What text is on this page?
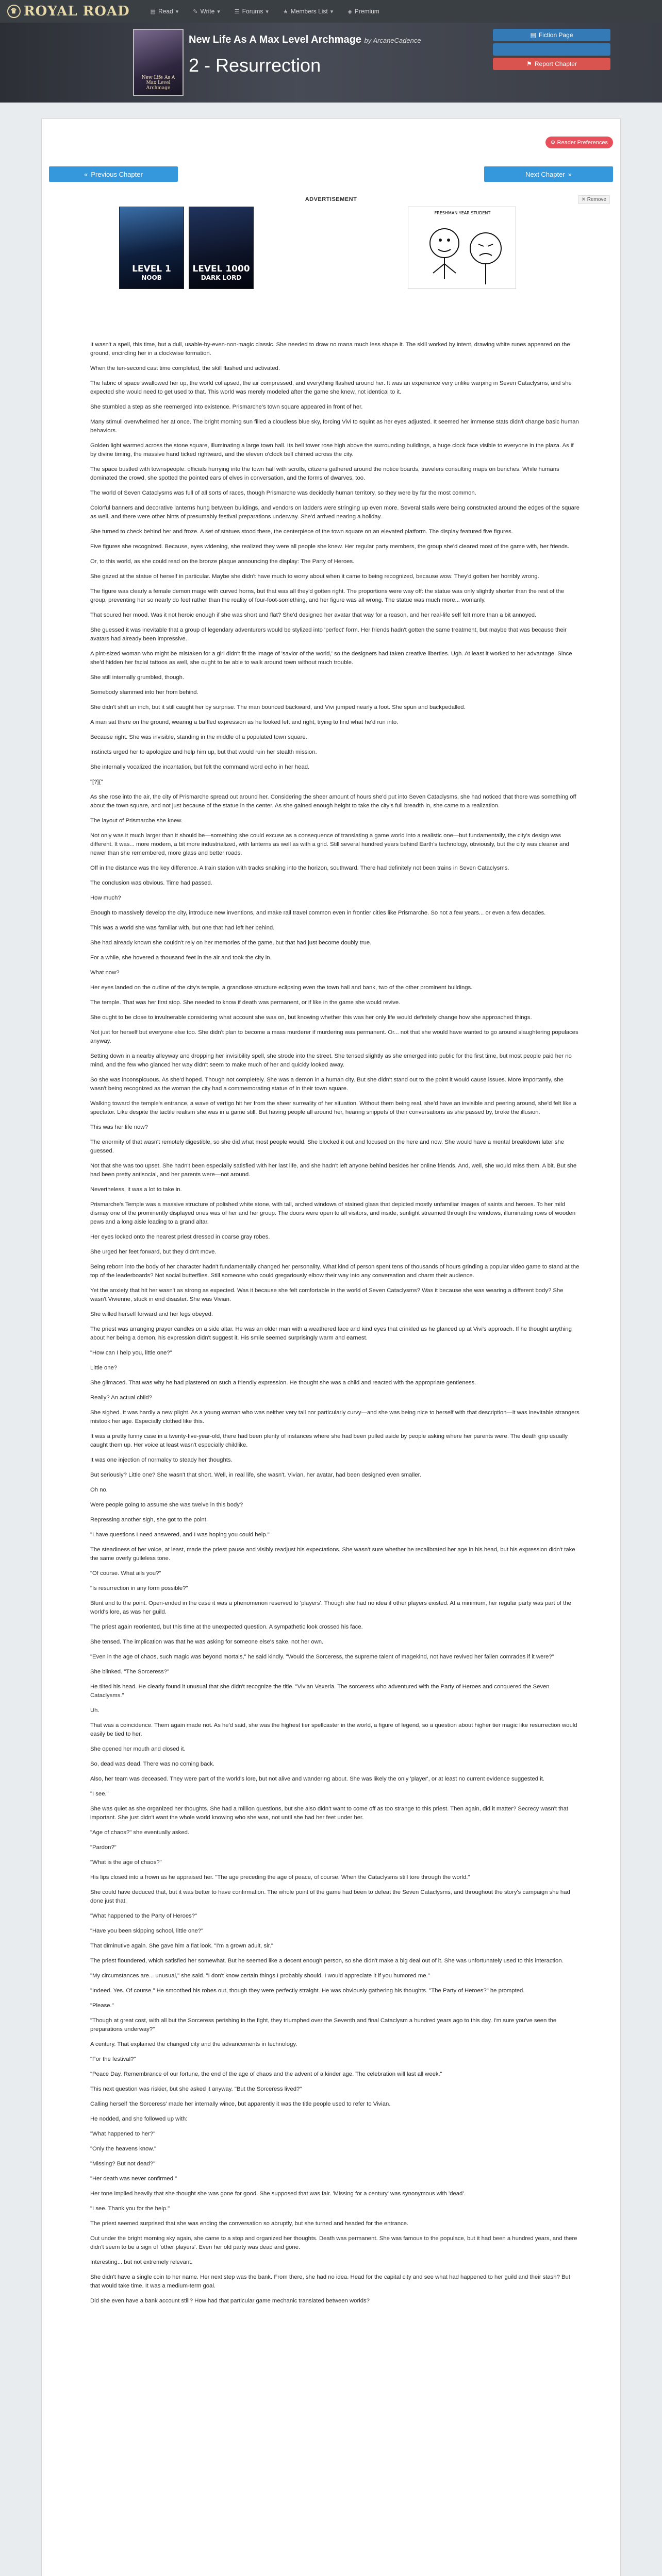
♛ ROYAL ROAD	▤ Read ▾	✎ Write ▾	☰ Forums ▾	★ Members List ▾	◈ Premium
New Life As A Max Level Archmage
New Life As A Max Level Archmage by ArcaneCadence
2 - Resurrection
▤ Fiction Page
⚑ Report Chapter
⚙ Reader Preferences
« Previous Chapter	Next Chapter »
ADVERTISEMENT	✕ Remove
LEVEL 1
NOOB
LEVEL 1000
DARK LORD
FRESHMAN YEAR STUDENT

It wasn't a spell, this time, but a dull, usable-by-even-non-magic classic. She needed to draw no mana much less shape it. The skill worked by intent, drawing white runes appeared on the ground, encircling her in a clockwise formation.

When the ten-second cast time completed, the skill flashed and activated.

The fabric of space swallowed her up, the world collapsed, the air compressed, and everything flashed around her. It was an experience very unlike warping in Seven Cataclysms, and she expected she would need to get used to that. This world was merely modeled after the game she knew, not identical to it.

She stumbled a step as she reemerged into existence. Prismarche's town square appeared in front of her.

Many stimuli overwhelmed her at once. The bright morning sun filled a cloudless blue sky, forcing Vivi to squint as her eyes adjusted. It seemed her immense stats didn't change basic human behaviors.

Golden light warmed across the stone square, illuminating a large town hall. Its bell tower rose high above the surrounding buildings, a huge clock face visible to everyone in the plaza. As if by divine timing, the massive hand ticked rightward, and the eleven o'clock bell chimed across the city.

The space bustled with townspeople: officials hurrying into the town hall with scrolls, citizens gathered around the notice boards, travelers consulting maps on benches. While humans dominated the crowd, she spotted the pointed ears of elves in conversation, and the forms of dwarves, too.

The world of Seven Cataclysms was full of all sorts of races, though Prismarche was decidedly human territory, so they were by far the most common.

Colorful banners and decorative lanterns hung between buildings, and vendors on ladders were stringing up even more. Several stalls were being constructed around the edges of the square as well, and there were other hints of presumably festival preparations underway. She'd arrived nearing a holiday.

She turned to check behind her and froze. A set of statues stood there, the centerpiece of the town square on an elevated platform. The display featured five figures.

Five figures she recognized. Because, eyes widening, she realized they were all people she knew. Her regular party members, the group she'd cleared most of the game with, her friends.

Or, to this world, as she could read on the bronze plaque announcing the display: The Party of Heroes.

She gazed at the statue of herself in particular. Maybe she didn't have much to worry about when it came to being recognized, because wow. They'd gotten her horribly wrong.

The figure was clearly a female demon mage with curved horns, but that was all they'd gotten right. The proportions were way off: the statue was only slightly shorter than the rest of the group, preventing her so nearly do feet rather than the reality of four-foot-something, and her figure was all wrong. The statue was much more... womanly.

That soured her mood. Was it not heroic enough if she was short and flat? She'd designed her avatar that way for a reason, and her real-life self felt more than a bit annoyed.

She guessed it was inevitable that a group of legendary adventurers would be stylized into 'perfect' form. Her friends hadn't gotten the same treatment, but maybe that was because their avatars had already been impressive.

A pint-sized woman who might be mistaken for a girl didn't fit the image of 'savior of the world,' so the designers had taken creative liberties. Ugh. At least it worked to her advantage. Since she'd hidden her facial tattoos as well, she ought to be able to walk around town without much trouble.

She still internally grumbled, though.

Somebody slammed into her from behind.

She didn't shift an inch, but it still caught her by surprise. The man bounced backward, and Vivi jumped nearly a foot. She spun and backpedalled.

A man sat there on the ground, wearing a baffled expression as he looked left and right, trying to find what he'd run into.

Because right. She was invisible, standing in the middle of a populated town square.

Instincts urged her to apologize and help him up, but that would ruin her stealth mission.

She internally vocalized the incantation, but felt the command word echo in her head.

"[?]{"

As she rose into the air, the city of Prismarche spread out around her. Considering the sheer amount of hours she'd put into Seven Cataclysms, she had noticed that there was something off about the town square, and not just because of the statue in the center. As she gained enough height to take the city's full breadth in, she came to a realization.

The layout of Prismarche she knew.

Not only was it much larger than it should be—something she could excuse as a consequence of translating a game world into a realistic one—but fundamentally, the city's design was different. It was... more modern, a bit more industrialized, with lanterns as well as with a grid. Still several hundred years behind Earth's technology, obviously, but the city was cleaner and newer than she remembered, more glass and better roads.

Off in the distance was the key difference. A train station with tracks snaking into the horizon, southward. There had definitely not been trains in Seven Cataclysms.

The conclusion was obvious. Time had passed.

How much?

Enough to massively develop the city, introduce new inventions, and make rail travel common even in frontier cities like Prismarche. So not a few years... or even a few decades.

This was a world she was familiar with, but one that had left her behind.

She had already known she couldn't rely on her memories of the game, but that had just become doubly true.

For a while, she hovered a thousand feet in the air and took the city in.

What now?

Her eyes landed on the outline of the city's temple, a grandiose structure eclipsing even the town hall and bank, two of the other prominent buildings.

The temple. That was her first stop. She needed to know if death was permanent, or if like in the game she would revive.

She ought to be close to invulnerable considering what account she was on, but knowing whether this was her only life would definitely change how she approached things.

Not just for herself but everyone else too. She didn't plan to become a mass murderer if murdering was permanent. Or... not that she would have wanted to go around slaughtering populaces anyway.

Setting down in a nearby alleyway and dropping her invisibility spell, she strode into the street. She tensed slightly as she emerged into public for the first time, but most people paid her no mind, and the few who glanced her way didn't seem to make much of her and quickly looked away.

So she was inconspicuous. As she'd hoped. Though not completely. She was a demon in a human city. But she didn't stand out to the point it would cause issues. More importantly, she wasn't being recognized as the woman the city had a commemorating statue of in their town square.

Walking toward the temple's entrance, a wave of vertigo hit her from the sheer surreality of her situation. Without them being real, she'd have an invisible and peering around, she'd felt like a spectator. Like despite the tactile realism she was in a game still. But having people all around her, hearing snippets of their conversations as she passed by, broke the illusion.

This was her life now?

The enormity of that wasn't remotely digestible, so she did what most people would. She blocked it out and focused on the here and now. She would have a mental breakdown later she guessed.

Not that she was too upset. She hadn't been especially satisfied with her last life, and she hadn't left anyone behind besides her online friends. And, well, she would miss them. A bit. But she had been pretty antisocial, and her parents were—not around.

Nevertheless, it was a lot to take in.

Prismarche's Temple was a massive structure of polished white stone, with tall, arched windows of stained glass that depicted mostly unfamiliar images of saints and heroes. To her mild dismay one of the prominently displayed ones was of her and her group. The doors were open to all visitors, and inside, sunlight streamed through the windows, illuminating rows of wooden pews and a long aisle leading to a grand altar.

Her eyes locked onto the nearest priest dressed in coarse gray robes.

She urged her feet forward, but they didn't move.

Being reborn into the body of her character hadn't fundamentally changed her personality. What kind of person spent tens of thousands of hours grinding a popular video game to stand at the top of the leaderboards? Not social butterflies. Still someone who could gregariously elbow their way into any conversation and charm their audience.

Yet the anxiety that hit her wasn't as strong as expected. Was it because she felt comfortable in the world of Seven Cataclysms? Was it because she was wearing a different body? She wasn't Vivienne, stuck in end disaster. She was Vivian.

She willed herself forward and her legs obeyed.

The priest was arranging prayer candles on a side altar. He was an older man with a weathered face and kind eyes that crinkled as he glanced up at Vivi's approach. If he thought anything about her being a demon, his expression didn't suggest it. His smile seemed surprisingly warm and earnest.

"How can I help you, little one?"

Little one?

She glimaced. That was why he had plastered on such a friendly expression. He thought she was a child and reacted with the appropriate gentleness.

Really? An actual child?

She sighed. It was hardly a new plight. As a young woman who was neither very tall nor particularly curvy—and she was being nice to herself with that description—it was inevitable strangers mistook her age. Especially clothed like this.

It was a pretty funny case in a twenty-five-year-old, there had been plenty of instances where she had been pulled aside by people asking where her parents were. The death grip usually caught them up. Her voice at least wasn't especially childlike.

It was one injection of normalcy to steady her thoughts.

But seriously? Little one? She wasn't that short. Well, in real life, she wasn't. Vivian, her avatar, had been designed even smaller.

Oh no.

Were people going to assume she was twelve in this body?

Repressing another sigh, she got to the point.

"I have questions I need answered, and I was hoping you could help."

The steadiness of her voice, at least, made the priest pause and visibly readjust his expectations. She wasn't sure whether he recalibrated her age in his head, but his expression didn't take the same overly guileless tone.

"Of course. What ails you?"

"Is resurrection in any form possible?"

Blunt and to the point. Open-ended in the case it was a phenomenon reserved to 'players'. Though she had no idea if other players existed. At a minimum, her regular party was part of the world's lore, as was her guild.

The priest again reoriented, but this time at the unexpected question. A sympathetic look crossed his face.

She tensed. The implication was that he was asking for someone else's sake, not her own.

"Even in the age of chaos, such magic was beyond mortals," he said kindly. "Would the Sorceress, the supreme talent of magekind, not have revived her fallen comrades if it were?"

She blinked. "The Sorceress?"

He tilted his head. He clearly found it unusual that she didn't recognize the title. "Vivian Vexeria. The sorceress who adventured with the Party of Heroes and conquered the Seven Cataclysms."

Uh.

That was a coincidence. Them again made not. As he'd said, she was the highest tier spellcaster in the world, a figure of legend, so a question about higher tier magic like resurrection would easily be tied to her.

She opened her mouth and closed it.

So, dead was dead. There was no coming back.

Also, her team was deceased. They were part of the world's lore, but not alive and wandering about. She was likely the only 'player', or at least no current evidence suggested it.

"I see."

She was quiet as she organized her thoughts. She had a million questions, but she also didn't want to come off as too strange to this priest. Then again, did it matter? Secrecy wasn't that important. She just didn't want the whole world knowing who she was, not until she had her feet under her.

"Age of chaos?" she eventually asked.

"Pardon?"

"What is the age of chaos?"

His lips closed into a frown as he appraised her. "The age preceding the age of peace, of course. When the Cataclysms still tore through the world."

She could have deduced that, but it was better to have confirmation. The whole point of the game had been to defeat the Seven Cataclysms, and throughout the story's campaign she had done just that.

"What happened to the Party of Heroes?"

"Have you been skipping school, little one?"

That diminutive again. She gave him a flat look. "I'm a grown adult, sir."

The priest floundered, which satisfied her somewhat. But he seemed like a decent enough person, so she didn't make a big deal out of it. She was unfortunately used to this interaction.

"My circumstances are... unusual," she said. "I don't know certain things I probably should. I would appreciate it if you humored me."

"Indeed. Yes. Of course." He smoothed his robes out, though they were perfectly straight. He was obviously gathering his thoughts. "The Party of Heroes?" he prompted.

"Please."

"Though at great cost, with all but the Sorceress perishing in the fight, they triumphed over the Seventh and final Cataclysm a hundred years ago to this day. I'm sure you've seen the preparations underway?"

A century. That explained the changed city and the advancements in technology.

"For the festival?"

"Peace Day. Remembrance of our fortune, the end of the age of chaos and the advent of a kinder age. The celebration will last all week."

This next question was riskier, but she asked it anyway. "But the Sorceress lived?"

Calling herself 'the Sorceress' made her internally wince, but apparently it was the title people used to refer to Vivian.

He nodded, and she followed up with:

"What happened to her?"

"Only the heavens know."

"Missing? But not dead?"

"Her death was never confirmed."

Her tone implied heavily that she thought she was gone for good. She supposed that was fair. 'Missing for a century' was synonymous with 'dead'.

"I see. Thank you for the help."

The priest seemed surprised that she was ending the conversation so abruptly, but she turned and headed for the entrance.

Out under the bright morning sky again, she came to a stop and organized her thoughts. Death was permanent. She was famous to the populace, but it had been a hundred years, and there didn't seem to be a sign of 'other players'. Even her old party was dead and gone.

Interesting... but not extremely relevant.

She didn't have a single coin to her name. Her next step was the bank. From there, she had no idea. Head for the capital city and see what had happened to her guild and their stash? But that would take time. It was a medium-term goal.

Did she even have a bank account still? How had that particular game mechanic translated between worlds?
